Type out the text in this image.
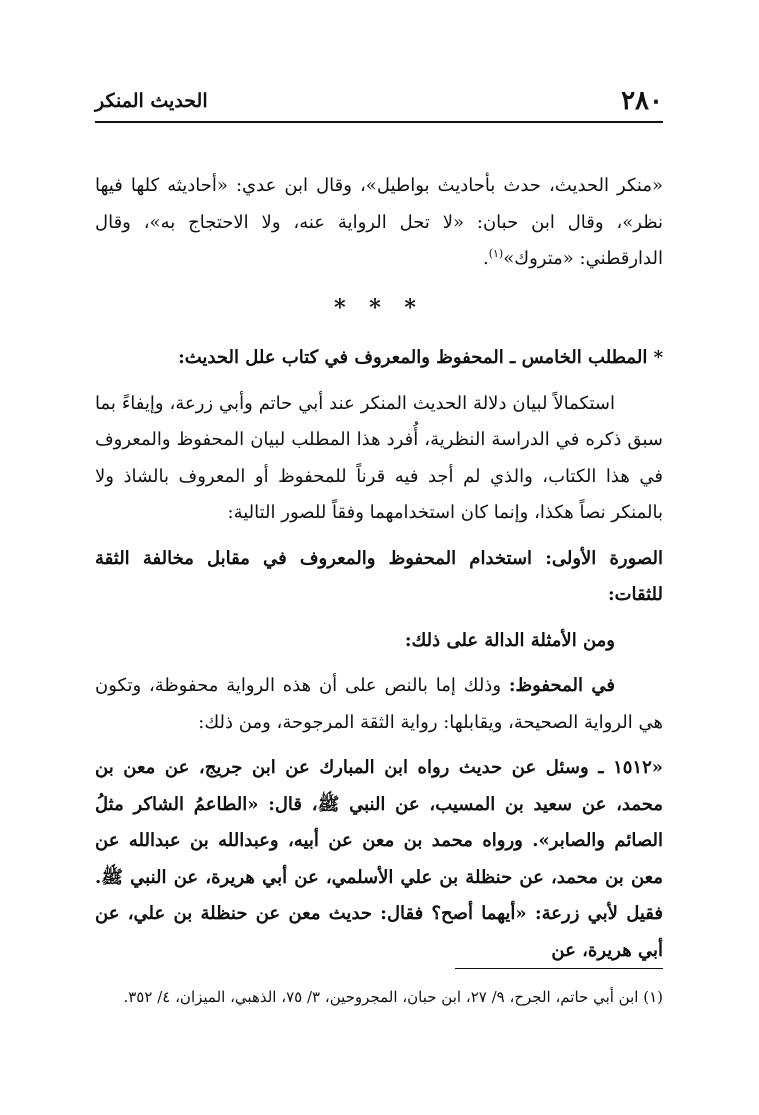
٢٨٠
الحديث المنكر

«منكر الحديث، حدث بأحاديث بواطيل»، وقال ابن عدي: «أحاديثه كلها فيها نظر»، وقال ابن حبان: «لا تحل الرواية عنه، ولا الاحتجاج به»، وقال الدارقطني: «متروك»$^{(١)}$.

* * *

* المطلب الخامس ـ المحفوظ والمعروف في كتاب علل الحديث:

استكمالاً لبيان دلالة الحديث المنكر عند أبي حاتم وأبي زرعة، وإيفاءً بما سبق ذكره في الدراسة النظرية، أُفرد هذا المطلب لبيان المحفوظ والمعروف في هذا الكتاب، والذي لم أجد فيه قرناً للمحفوظ أو المعروف بالشاذ ولا بالمنكر نصاً هكذا، وإنما كان استخدامهما وفقاً للصور التالية:

الصورة الأولى: استخدام المحفوظ والمعروف في مقابل مخالفة الثقة للثقات:

ومن الأمثلة الدالة على ذلك:

في المحفوظ: وذلك إما بالنص على أن هذه الرواية محفوظة، وتكون هي الرواية الصحيحة، ويقابلها: رواية الثقة المرجوحة، ومن ذلك:

«١٥١٢ ـ وسئل عن حديث رواه ابن المبارك عن ابن جريج، عن معن بن محمد، عن سعيد بن المسيب، عن النبي ﷺ، قال: «الطاعمُ الشاكر مثلُ الصائم والصابر». ورواه محمد بن معن عن أبيه، وعبدالله بن عبدالله عن معن بن محمد، عن حنظلة بن علي الأسلمي، عن أبي هريرة، عن النبي ﷺ. فقيل لأبي زرعة: «أيهما أصح؟ فقال: حديث معن عن حنظلة بن علي، عن أبي هريرة، عن

(١) ابن أبي حاتم، الجرح، ٩/ ٢٧، ابن حبان، المجروحين، ٣/ ٧٥، الذهبي، الميزان، ٤/ ٣٥٢.
